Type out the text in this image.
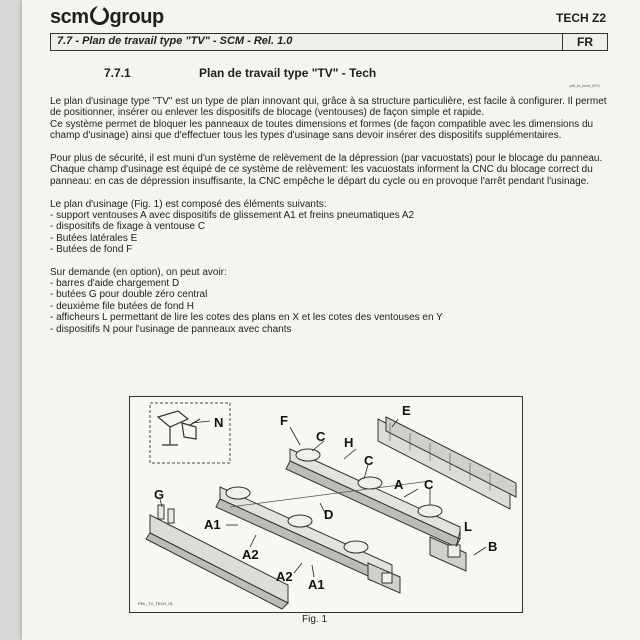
scm group	TECH Z2
7.7 - Plan de travail type "TV" - SCM - Rel. 1.0	FR
7.7.1	Plan de travail type "TV" - Tech
pdl_tv_tech_f071

Le plan d'usinage type "TV" est un type de plan innovant qui, grâce à sa structure particulière, est facile à configurer. Il permet de positionner, insérer ou enlever les dispositifs de blocage (ventouses) de façon simple et rapide.
Ce système permet de bloquer les panneaux de toutes dimensions et formes (de façon compatible avec les dimensions du champ d'usinage) ainsi que d'effectuer tous les types d'usinage sans devoir insérer des dispositifs supplémentaires.

Pour plus de sécurité, il est muni d'un système de relèvement de la dépression (par vacuostats) pour le blocage du panneau. Chaque champ d'usinage est équipé de ce système de relèvement: les vacuostats informent la CNC du blocage correct du panneau: en cas de dépression insuffisante, la CNC empêche le départ du cycle ou en provoque l'arrêt pendant l'usinage.

Le plan d'usinage (Fig. 1) est composé des éléments suivants:
- support ventouses A avec dispositifs de glissement A1 et freins pneumatiques A2
- dispositifs de fixage à ventouse C
- Butées latérales E
- Butées de fond F
Sur demande (en option), on peut avoir:
- barres d'aide chargement D
- butées G pour double zéro central
- deuxième file butées de fond H
- afficheurs L permettant de lire les cotes des plans en X et les cotes des ventouses en Y
- dispositifs N pour l'usinage de panneaux avec chants
N
E
F
C H
C
A C
G
A1
A2
D
L
B
A2
A1
PDL_TV_TECH_01
Fig. 1
